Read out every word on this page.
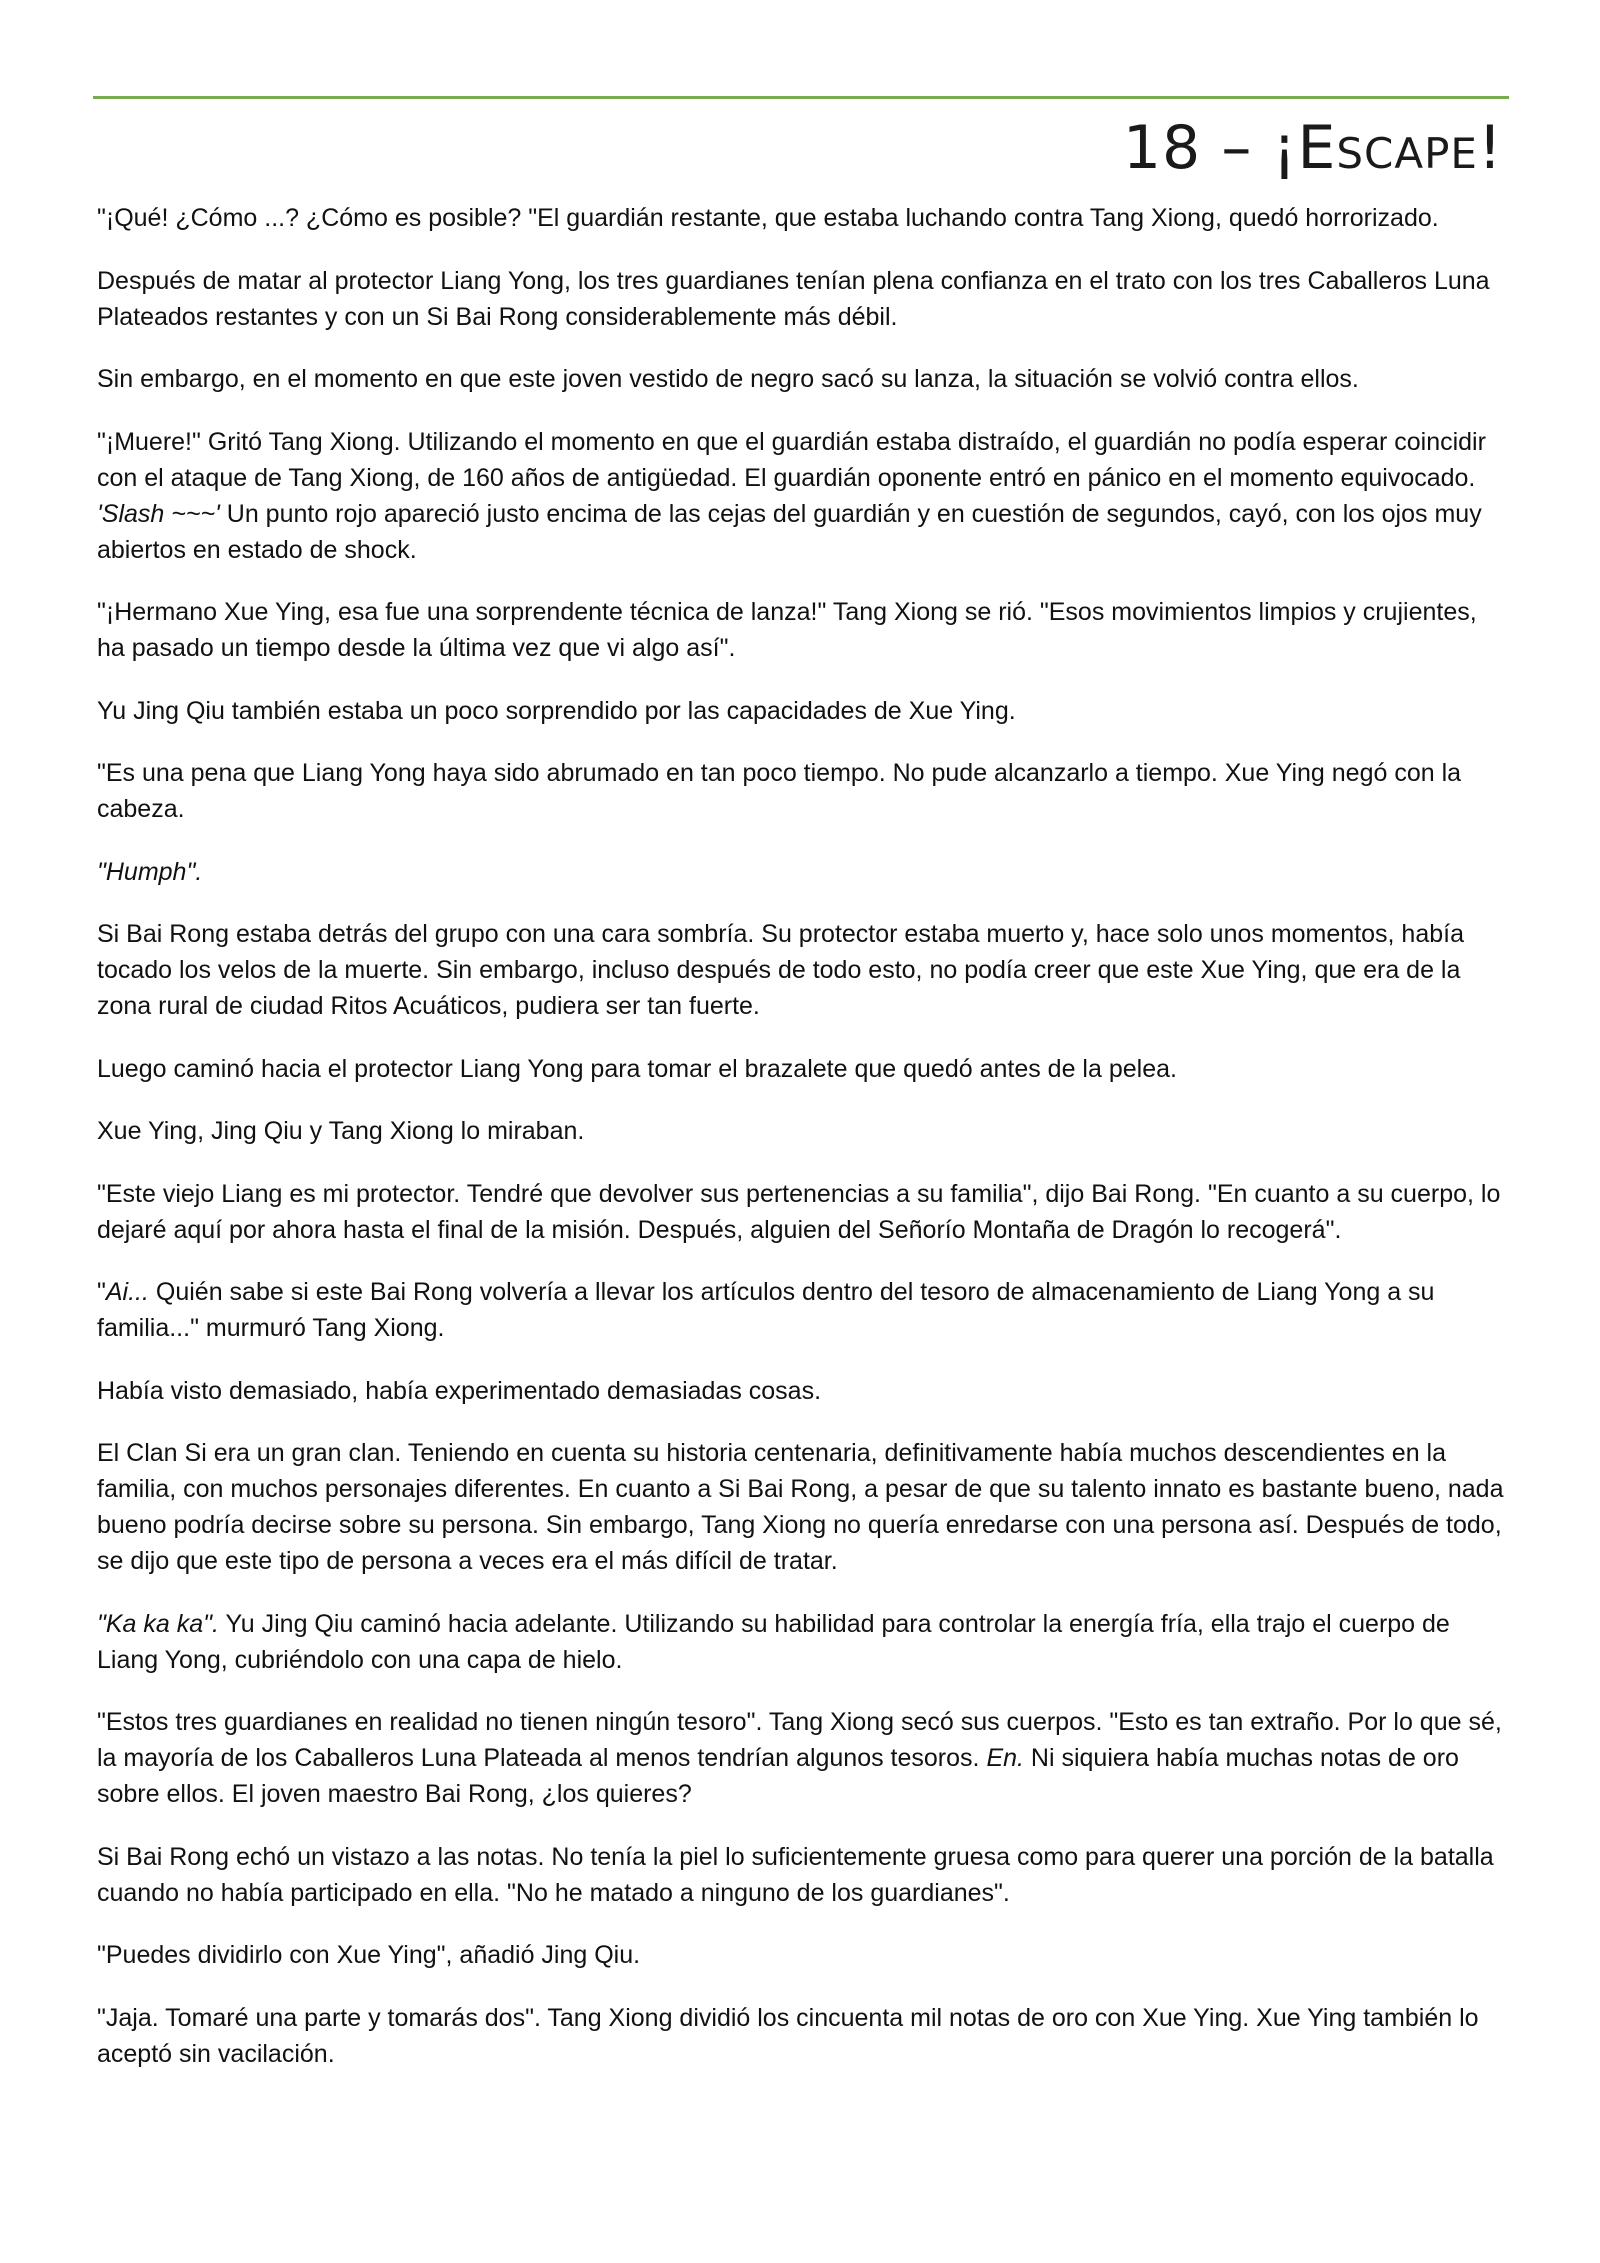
18 – ¡Escape!

"¡Qué! ¿Cómo ...? ¿Cómo es posible? "El guardián restante, que estaba luchando contra Tang Xiong, quedó horrorizado.

Después de matar al protector Liang Yong, los tres guardianes tenían plena confianza en el trato con los tres Caballeros Luna Plateados restantes y con un Si Bai Rong considerablemente más débil.

Sin embargo, en el momento en que este joven vestido de negro sacó su lanza, la situación se volvió contra ellos.

"¡Muere!" Gritó Tang Xiong. Utilizando el momento en que el guardián estaba distraído, el guardián no podía esperar coincidir con el ataque de Tang Xiong, de 160 años de antigüedad. El guardián oponente entró en pánico en el momento equivocado. 'Slash ~~~' Un punto rojo apareció justo encima de las cejas del guardián y en cuestión de segundos, cayó, con los ojos muy abiertos en estado de shock.

"¡Hermano Xue Ying, esa fue una sorprendente técnica de lanza!" Tang Xiong se rió. "Esos movimientos limpios y crujientes, ha pasado un tiempo desde la última vez que vi algo así".

Yu Jing Qiu también estaba un poco sorprendido por las capacidades de Xue Ying.

"Es una pena que Liang Yong haya sido abrumado en tan poco tiempo. No pude alcanzarlo a tiempo. Xue Ying negó con la cabeza.

"Humph".

Si Bai Rong estaba detrás del grupo con una cara sombría. Su protector estaba muerto y, hace solo unos momentos, había tocado los velos de la muerte. Sin embargo, incluso después de todo esto, no podía creer que este Xue Ying, que era de la zona rural de ciudad Ritos Acuáticos, pudiera ser tan fuerte.

Luego caminó hacia el protector Liang Yong para tomar el brazalete que quedó antes de la pelea.

Xue Ying, Jing Qiu y Tang Xiong lo miraban.

"Este viejo Liang es mi protector. Tendré que devolver sus pertenencias a su familia", dijo Bai Rong. "En cuanto a su cuerpo, lo dejaré aquí por ahora hasta el final de la misión. Después, alguien del Señorío Montaña de Dragón lo recogerá".

"Ai... Quién sabe si este Bai Rong volvería a llevar los artículos dentro del tesoro de almacenamiento de Liang Yong a su familia..." murmuró Tang Xiong.

Había visto demasiado, había experimentado demasiadas cosas.

El Clan Si era un gran clan. Teniendo en cuenta su historia centenaria, definitivamente había muchos descendientes en la familia, con muchos personajes diferentes. En cuanto a Si Bai Rong, a pesar de que su talento innato es bastante bueno, nada bueno podría decirse sobre su persona. Sin embargo, Tang Xiong no quería enredarse con una persona así. Después de todo, se dijo que este tipo de persona a veces era el más difícil de tratar.

"Ka ka ka". Yu Jing Qiu caminó hacia adelante. Utilizando su habilidad para controlar la energía fría, ella trajo el cuerpo de Liang Yong, cubriéndolo con una capa de hielo.

"Estos tres guardianes en realidad no tienen ningún tesoro". Tang Xiong secó sus cuerpos. "Esto es tan extraño. Por lo que sé, la mayoría de los Caballeros Luna Plateada al menos tendrían algunos tesoros. En. Ni siquiera había muchas notas de oro sobre ellos. El joven maestro Bai Rong, ¿los quieres?

Si Bai Rong echó un vistazo a las notas. No tenía la piel lo suficientemente gruesa como para querer una porción de la batalla cuando no había participado en ella. "No he matado a ninguno de los guardianes".

"Puedes dividirlo con Xue Ying", añadió Jing Qiu.

"Jaja. Tomaré una parte y tomarás dos". Tang Xiong dividió los cincuenta mil notas de oro con Xue Ying. Xue Ying también lo aceptó sin vacilación.
